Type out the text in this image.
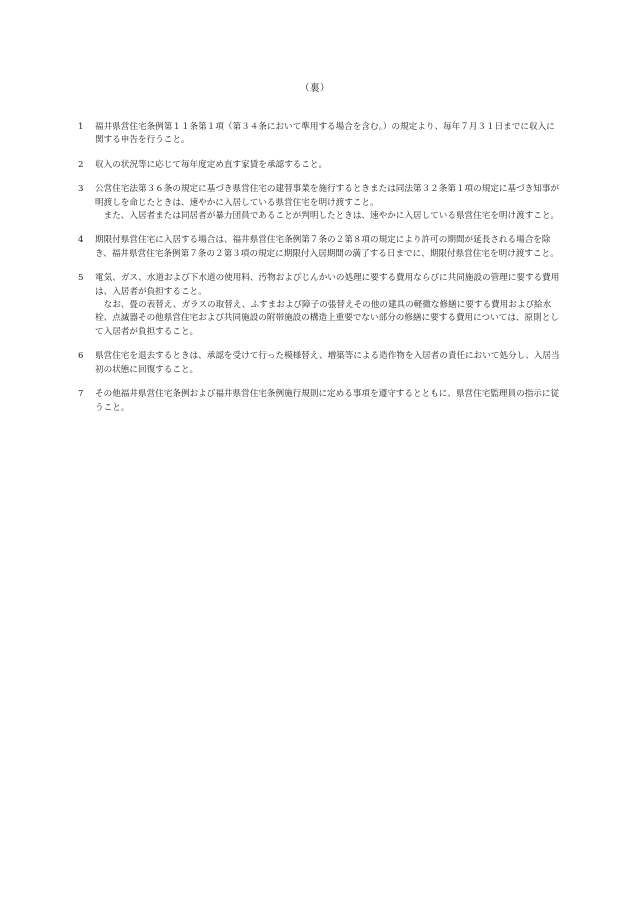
（裏）
1	福井県営住宅条例第１１条第１項（第３４条において準用する場合を含む。）の規定より、毎年７月３１日までに収入に関する申告を行うこと。

2	収入の状況等に応じて毎年度定め直す家賃を承認すること。

3	公営住宅法第３６条の規定に基づき県営住宅の建替事業を施行するときまたは同法第３２条第１項の規定に基づき知事が明渡しを命じたときは、速やかに入居している県営住宅を明け渡すこと。

また、入居者または同居者が暴力団員であることが判明したときは、速やかに入居している県営住宅を明け渡すこと。

4	期限付県営住宅に入居する場合は、福井県営住宅条例第７条の２第８項の規定により許可の期間が延長される場合を除き、福井県営住宅条例第７条の２第３項の規定に期限付入居期間の満了する日までに、期限付県営住宅を明け渡すこと。

5	電気、ガス、水道および下水道の使用料、汚物およびじんかいの処理に要する費用ならびに共同施設の管理に要する費用は、入居者が負担すること。

なお、畳の表替え、ガラスの取替え、ふすまおよび障子の張替えその他の建具の軽微な修繕に要する費用および給水栓、点滅器その他県営住宅および共同施設の附帯施設の構造上重要でない部分の修繕に要する費用については、原則として入居者が負担すること。

6	県営住宅を退去するときは、承認を受けて行った模様替え、増築等による造作物を入居者の責任において処分し、入居当初の状態に回復すること。

7	その他福井県営住宅条例および福井県営住宅条例施行規則に定める事項を遵守するとともに、県営住宅監理員の指示に従うこと。
